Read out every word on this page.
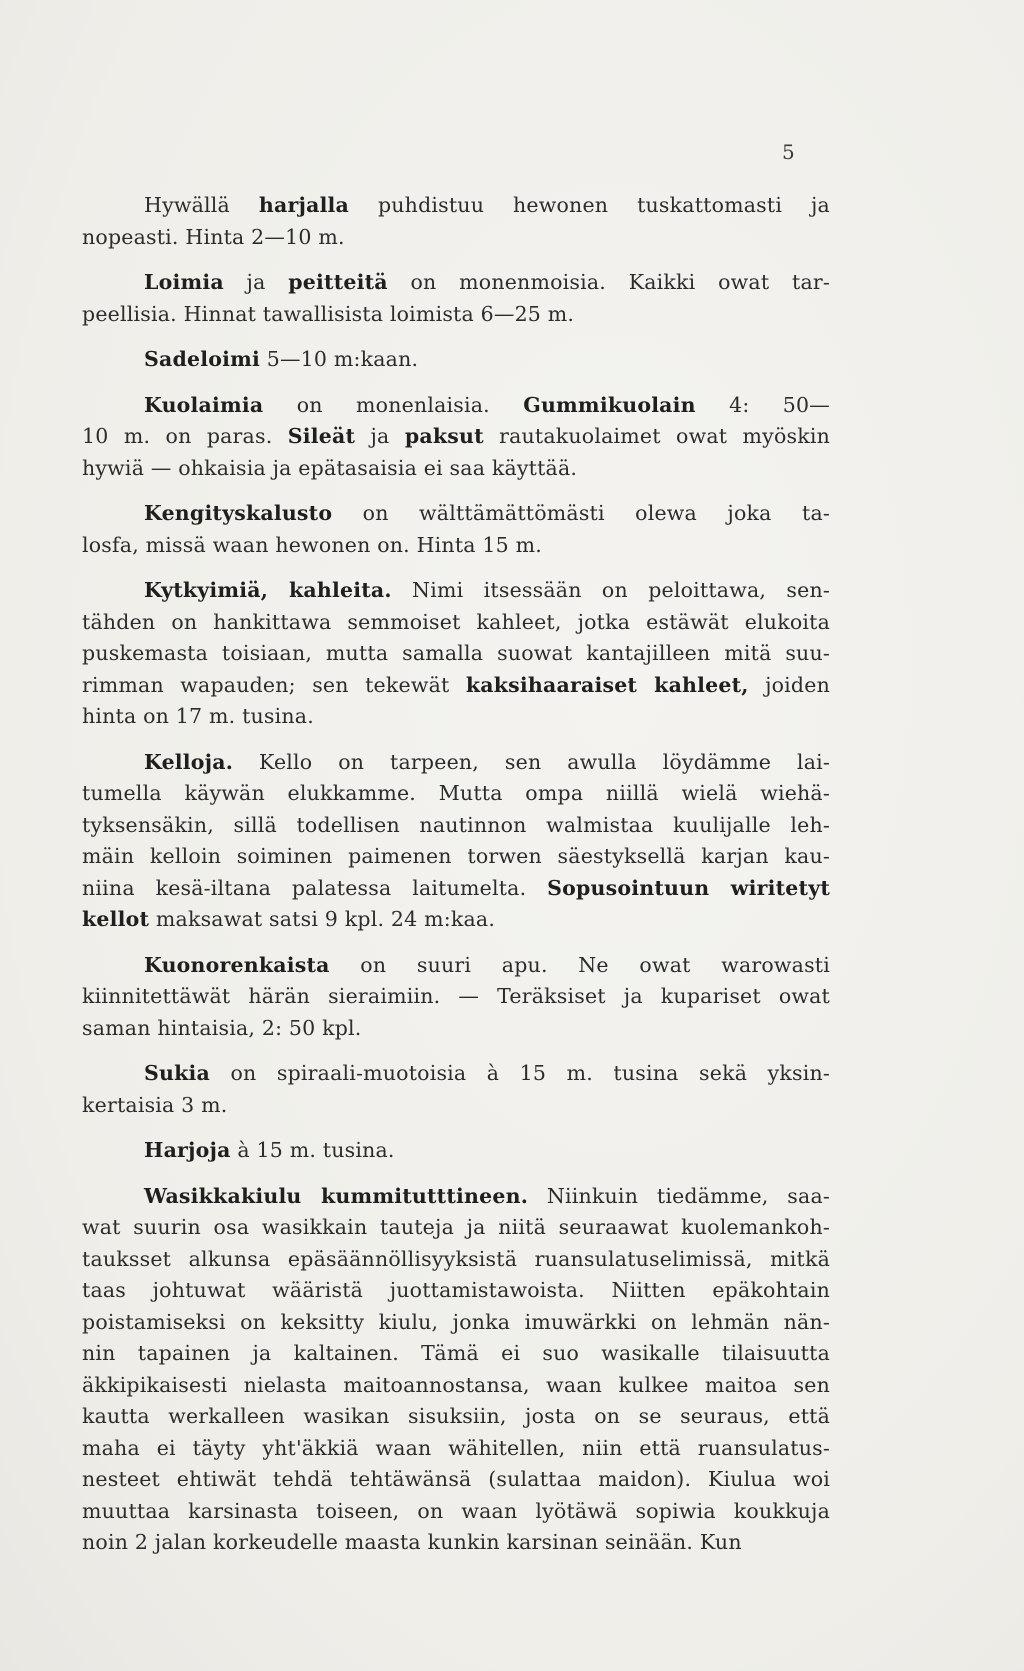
5
Hywällä harjalla puhdistuu hewonen tuskattomasti ja
nopeasti. Hinta 2—10 m.
Loimia ja peitteitä on monenmoisia. Kaikki owat tar-
peellisia. Hinnat tawallisista loimista 6—25 m.
Sadeloimi 5—10 m:kaan.
Kuolaimia on monenlaisia. Gummikuolain 4: 50—
10 m. on paras. Sileät ja paksut rautakuolaimet owat myöskin
hywiä — ohkaisia ja epätasaisia ei saa käyttää.
Kengityskalusto on wälttämättömästi olewa joka ta-
losfa, missä waan hewonen on. Hinta 15 m.
Kytkyimiä, kahleita. Nimi itsessään on peloittawa, sen-
tähden on hankittawa semmoiset kahleet, jotka estäwät elukoita
puskemasta toisiaan, mutta samalla suowat kantajilleen mitä suu-
rimman wapauden; sen tekewät kaksihaaraiset kahleet, joiden
hinta on 17 m. tusina.
Kelloja. Kello on tarpeen, sen awulla löydämme lai-
tumella käywän elukkamme. Mutta ompa niillä wielä wiehä-
tyksensäkin, sillä todellisen nautinnon walmistaa kuulijalle leh-
mäin kelloin soiminen paimenen torwen säestyksellä karjan kau-
niina kesä-iltana palatessa laitumelta. Sopusointuun wiritetyt
kellot maksawat satsi 9 kpl. 24 m:kaa.
Kuonorenkaista on suuri apu. Ne owat warowasti
kiinnitettäwät härän sieraimiin. — Teräksiset ja kupariset owat
saman hintaisia, 2: 50 kpl.
Sukia on spiraali-muotoisia à 15 m. tusina sekä yksin-
kertaisia 3 m.
Harjoja à 15 m. tusina.
Wasikkakiulu kummitutttineen. Niinkuin tiedämme, saa-
wat suurin osa wasikkain tauteja ja niitä seuraawat kuolemankoh-
tauksset alkunsa epäsäännöllisyyksistä ruansulatuselimissä, mitkä
taas johtuwat wääristä juottamistawoista. Niitten epäkohtain
poistamiseksi on keksitty kiulu, jonka imuwärkki on lehmän nän-
nin tapainen ja kaltainen. Tämä ei suo wasikalle tilaisuutta
äkkipikaisesti nielasta maitoannostansa, waan kulkee maitoa sen
kautta werkalleen wasikan sisuksiin, josta on se seuraus, että
maha ei täyty yht'äkkiä waan wähitellen, niin että ruansulatus-
nesteet ehtiwät tehdä tehtäwänsä (sulattaa maidon). Kiulua woi
muuttaa karsinasta toiseen, on waan lyötäwä sopiwia koukkuja
noin 2 jalan korkeudelle maasta kunkin karsinan seinään. Kun
